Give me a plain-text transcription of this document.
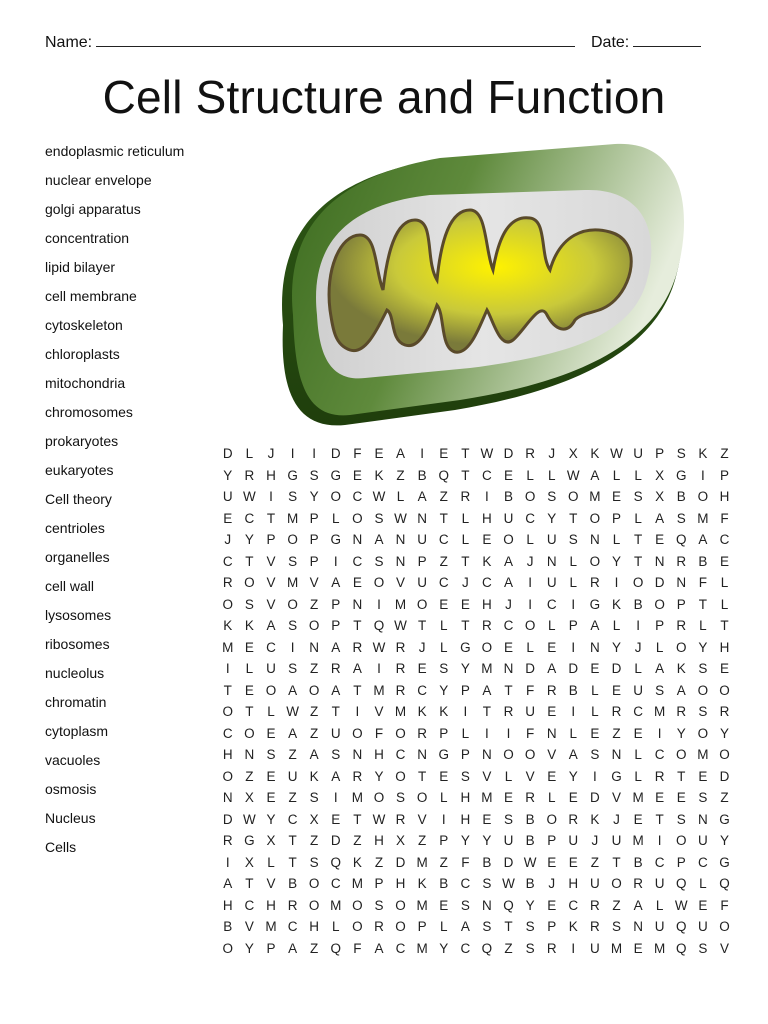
Name:	Date:
Cell Structure and Function
endoplasmic reticulum
nuclear envelope
golgi apparatus
concentration
lipid bilayer
cell membrane
cytoskeleton
chloroplasts
mitochondria
chromosomes
prokaryotes
eukaryotes
Cell theory
centrioles
organelles
cell wall
lysosomes
ribosomes
nucleolus
chromatin
cytoplasm
vacuoles
osmosis
Nucleus
Cells
D L	J	I	I	D F E A	I	E T W D R J	X K W U P S K Z
Y R H G S G E K Z B Q T C E L	L W A L	L X G	I	P
U W I	S Y O C W L A Z R	I	B O S O M E S X B O H
E C T M P L O S W N T	L H U C Y T O P L A S M F
J	Y P O P G N A N U C L E O L U S N L	T E Q A C
C T V S P	I	C S N P Z T K A	J N L O Y T N R B E
R O V M V A E O V U C J C A	I	U L R	I	O D N F	L
O S V O Z P N	I	M O E E H J	I	C	I	G K B O P T	L
K K A S O P T Q W T	L	T R C O L P A L	I	P R L	T
M E C	I	N A R W R J	L G O E L E	I	N Y	J	L O Y H
I	L U S Z R A	I	R E S Y M N D A D E D L A K S E
T E O A O A T M R C Y P A T F R B L E U S A O O
O T	L W Z T	I	V M K K	I	T R U E	I	L R C M R S R
C O E A Z U O F O R P L	I	I	F N L E Z E	I	Y O Y
H N S Z A S N H C N G P N O O V A S N L C O M O
O Z E U K A R Y O T E S V L V E Y	I	G L R T E D
N X E Z S	I	M O S O L H M E R L E D V M E E S Z
D W Y C X E T W R V	I	H E S B O R K	J	E T S N G
R G X T Z D Z H X Z P Y Y U B P U J U M	I	O U Y
I	X L	T S Q K Z D M Z F B D W E E Z T B C P C G
A T V B O C M P H K B C S W B	J H U O R U Q L Q
H C H R O M O S O M E S N Q Y E C R Z A L W E F
B V M C H L O R O P L A S T S P K R S N U Q U O
O Y P A Z Q F A C M Y C Q Z S R	I	U M E M Q S V
